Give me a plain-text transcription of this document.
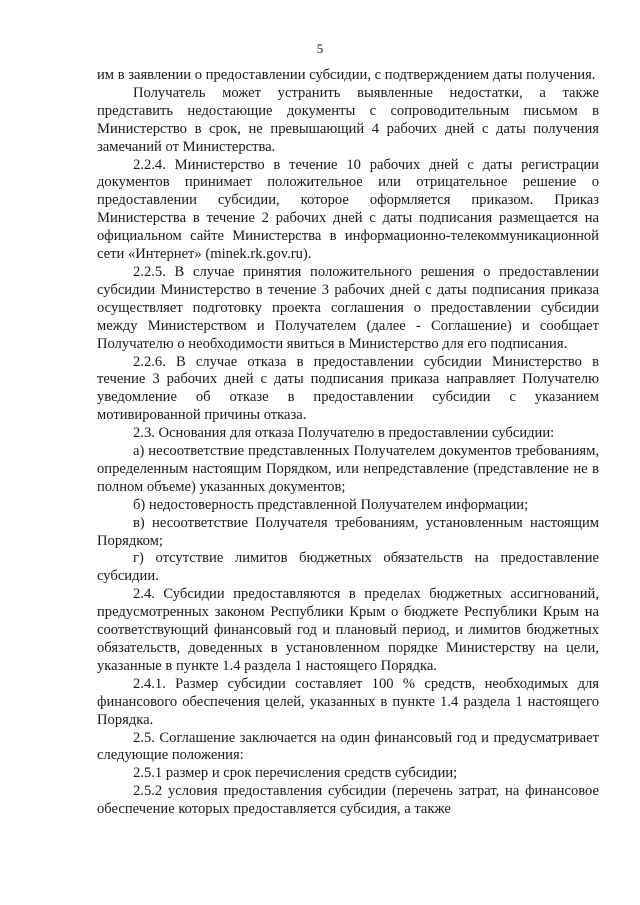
5

им в заявлении о предоставлении субсидии, с подтверждением даты получения.

Получатель может устранить выявленные недостатки, а также представить недостающие документы с сопроводительным письмом в Министерство в срок, не превышающий 4 рабочих дней с даты получения замечаний от Министерства.

2.2.4. Министерство в течение 10 рабочих дней с даты регистрации документов принимает положительное или отрицательное решение о предоставлении субсидии, которое оформляется приказом. Приказ Министерства в течение 2 рабочих дней с даты подписания размещается на официальном сайте Министерства в информационно-телекоммуникационной сети «Интернет» (minek.rk.gov.ru).

2.2.5. В случае принятия положительного решения о предоставлении субсидии Министерство в течение 3 рабочих дней с даты подписания приказа осуществляет подготовку проекта соглашения о предоставлении субсидии между Министерством и Получателем (далее - Соглашение) и сообщает Получателю о необходимости явиться в Министерство для его подписания.

2.2.6. В случае отказа в предоставлении субсидии Министерство в течение 3 рабочих дней с даты подписания приказа направляет Получателю уведомление об отказе в предоставлении субсидии с указанием мотивированной причины отказа.

2.3. Основания для отказа Получателю в предоставлении субсидии:

а) несоответствие представленных Получателем документов требованиям, определенным настоящим Порядком, или непредставление (представление не в полном объеме) указанных документов;

б) недостоверность представленной Получателем информации;

в) несоответствие Получателя требованиям, установленным настоящим Порядком;

г) отсутствие лимитов бюджетных обязательств на предоставление субсидии.

2.4. Субсидии предоставляются в пределах бюджетных ассигнований, предусмотренных законом Республики Крым о бюджете Республики Крым на соответствующий финансовый год и плановый период, и лимитов бюджетных обязательств, доведенных в установленном порядке Министерству на цели, указанные в пункте 1.4 раздела 1 настоящего Порядка.

2.4.1. Размер субсидии составляет 100 % средств, необходимых для финансового обеспечения целей, указанных в пункте 1.4 раздела 1 настоящего Порядка.

2.5. Соглашение заключается на один финансовый год и предусматривает следующие положения:

2.5.1 размер и срок перечисления средств субсидии;

2.5.2 условия предоставления субсидии (перечень затрат, на финансовое обеспечение которых предоставляется субсидия, а также
